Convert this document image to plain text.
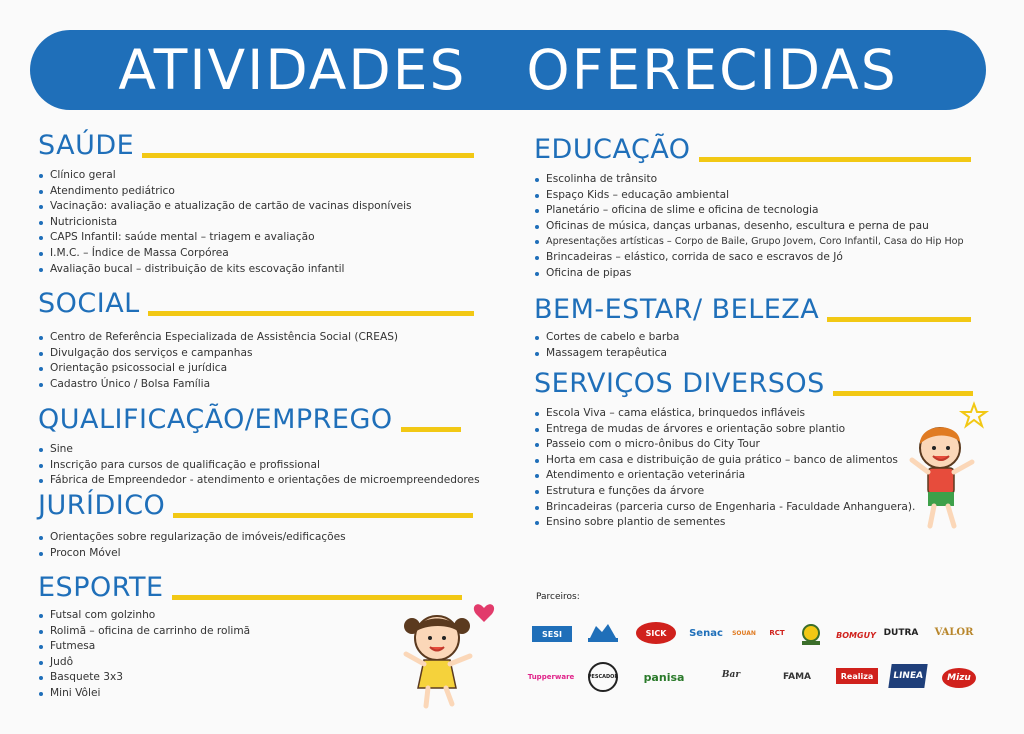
ATIVIDADES OFERECIDAS
SAÚDE
Clínico geral
Atendimento pediátrico
Vacinação: avaliação e atualização de cartão de vacinas disponíveis
Nutricionista
CAPS Infantil: saúde mental – triagem e avaliação
I.M.C. – Índice de Massa Corpórea
Avaliação bucal – distribuição de kits escovação infantil
SOCIAL
Centro de Referência Especializada de Assistência Social (CREAS)
Divulgação dos serviços e campanhas
Orientação psicossocial e jurídica
Cadastro Único / Bolsa Família
QUALIFICAÇÃO/EMPREGO
Sine
Inscrição para cursos de qualificação e profissional
Fábrica de Empreendedor - atendimento e orientações de microempreendedores
JURÍDICO
Orientações sobre regularização de imóveis/edificações
Procon Móvel
ESPORTE
Futsal com golzinho
Rolimã – oficina de carrinho de rolimã
Futmesa
Judô
Basquete 3x3
Mini Vôlei
EDUCAÇÃO
Escolinha de trânsito
Espaço Kids – educação ambiental
Planetário – oficina de slime e oficina de tecnologia
Oficinas de música, danças urbanas, desenho, escultura e perna de pau
Apresentações artísticas – Corpo de Baile, Grupo Jovem, Coro Infantil, Casa do Hip Hop
Brincadeiras – elástico, corrida de saco e escravos de Jó
Oficina de pipas
BEM-ESTAR/ BELEZA
Cortes de cabelo e barba
Massagem terapêutica
SERVIÇOS DIVERSOS
Escola Viva – cama elástica, brinquedos infláveis
Entrega de mudas de árvores e orientação sobre plantio
Passeio com o micro-ônibus do City Tour
Horta em casa e distribuição de guia prático – banco de alimentos
Atendimento e orientação veterinária
Estrutura e funções da árvore
Brincadeiras (parceria curso de Engenharia - Faculdade Anhanguera).
Ensino sobre plantio de sementes
Parceiros:
SESI	SICK	Senac SOUAN	RCT	BOMGUY DUTRA VALOR
Tupperware	PESCADOR	panisa	Bar	FAMA	Realiza	LINEA	Mizu
